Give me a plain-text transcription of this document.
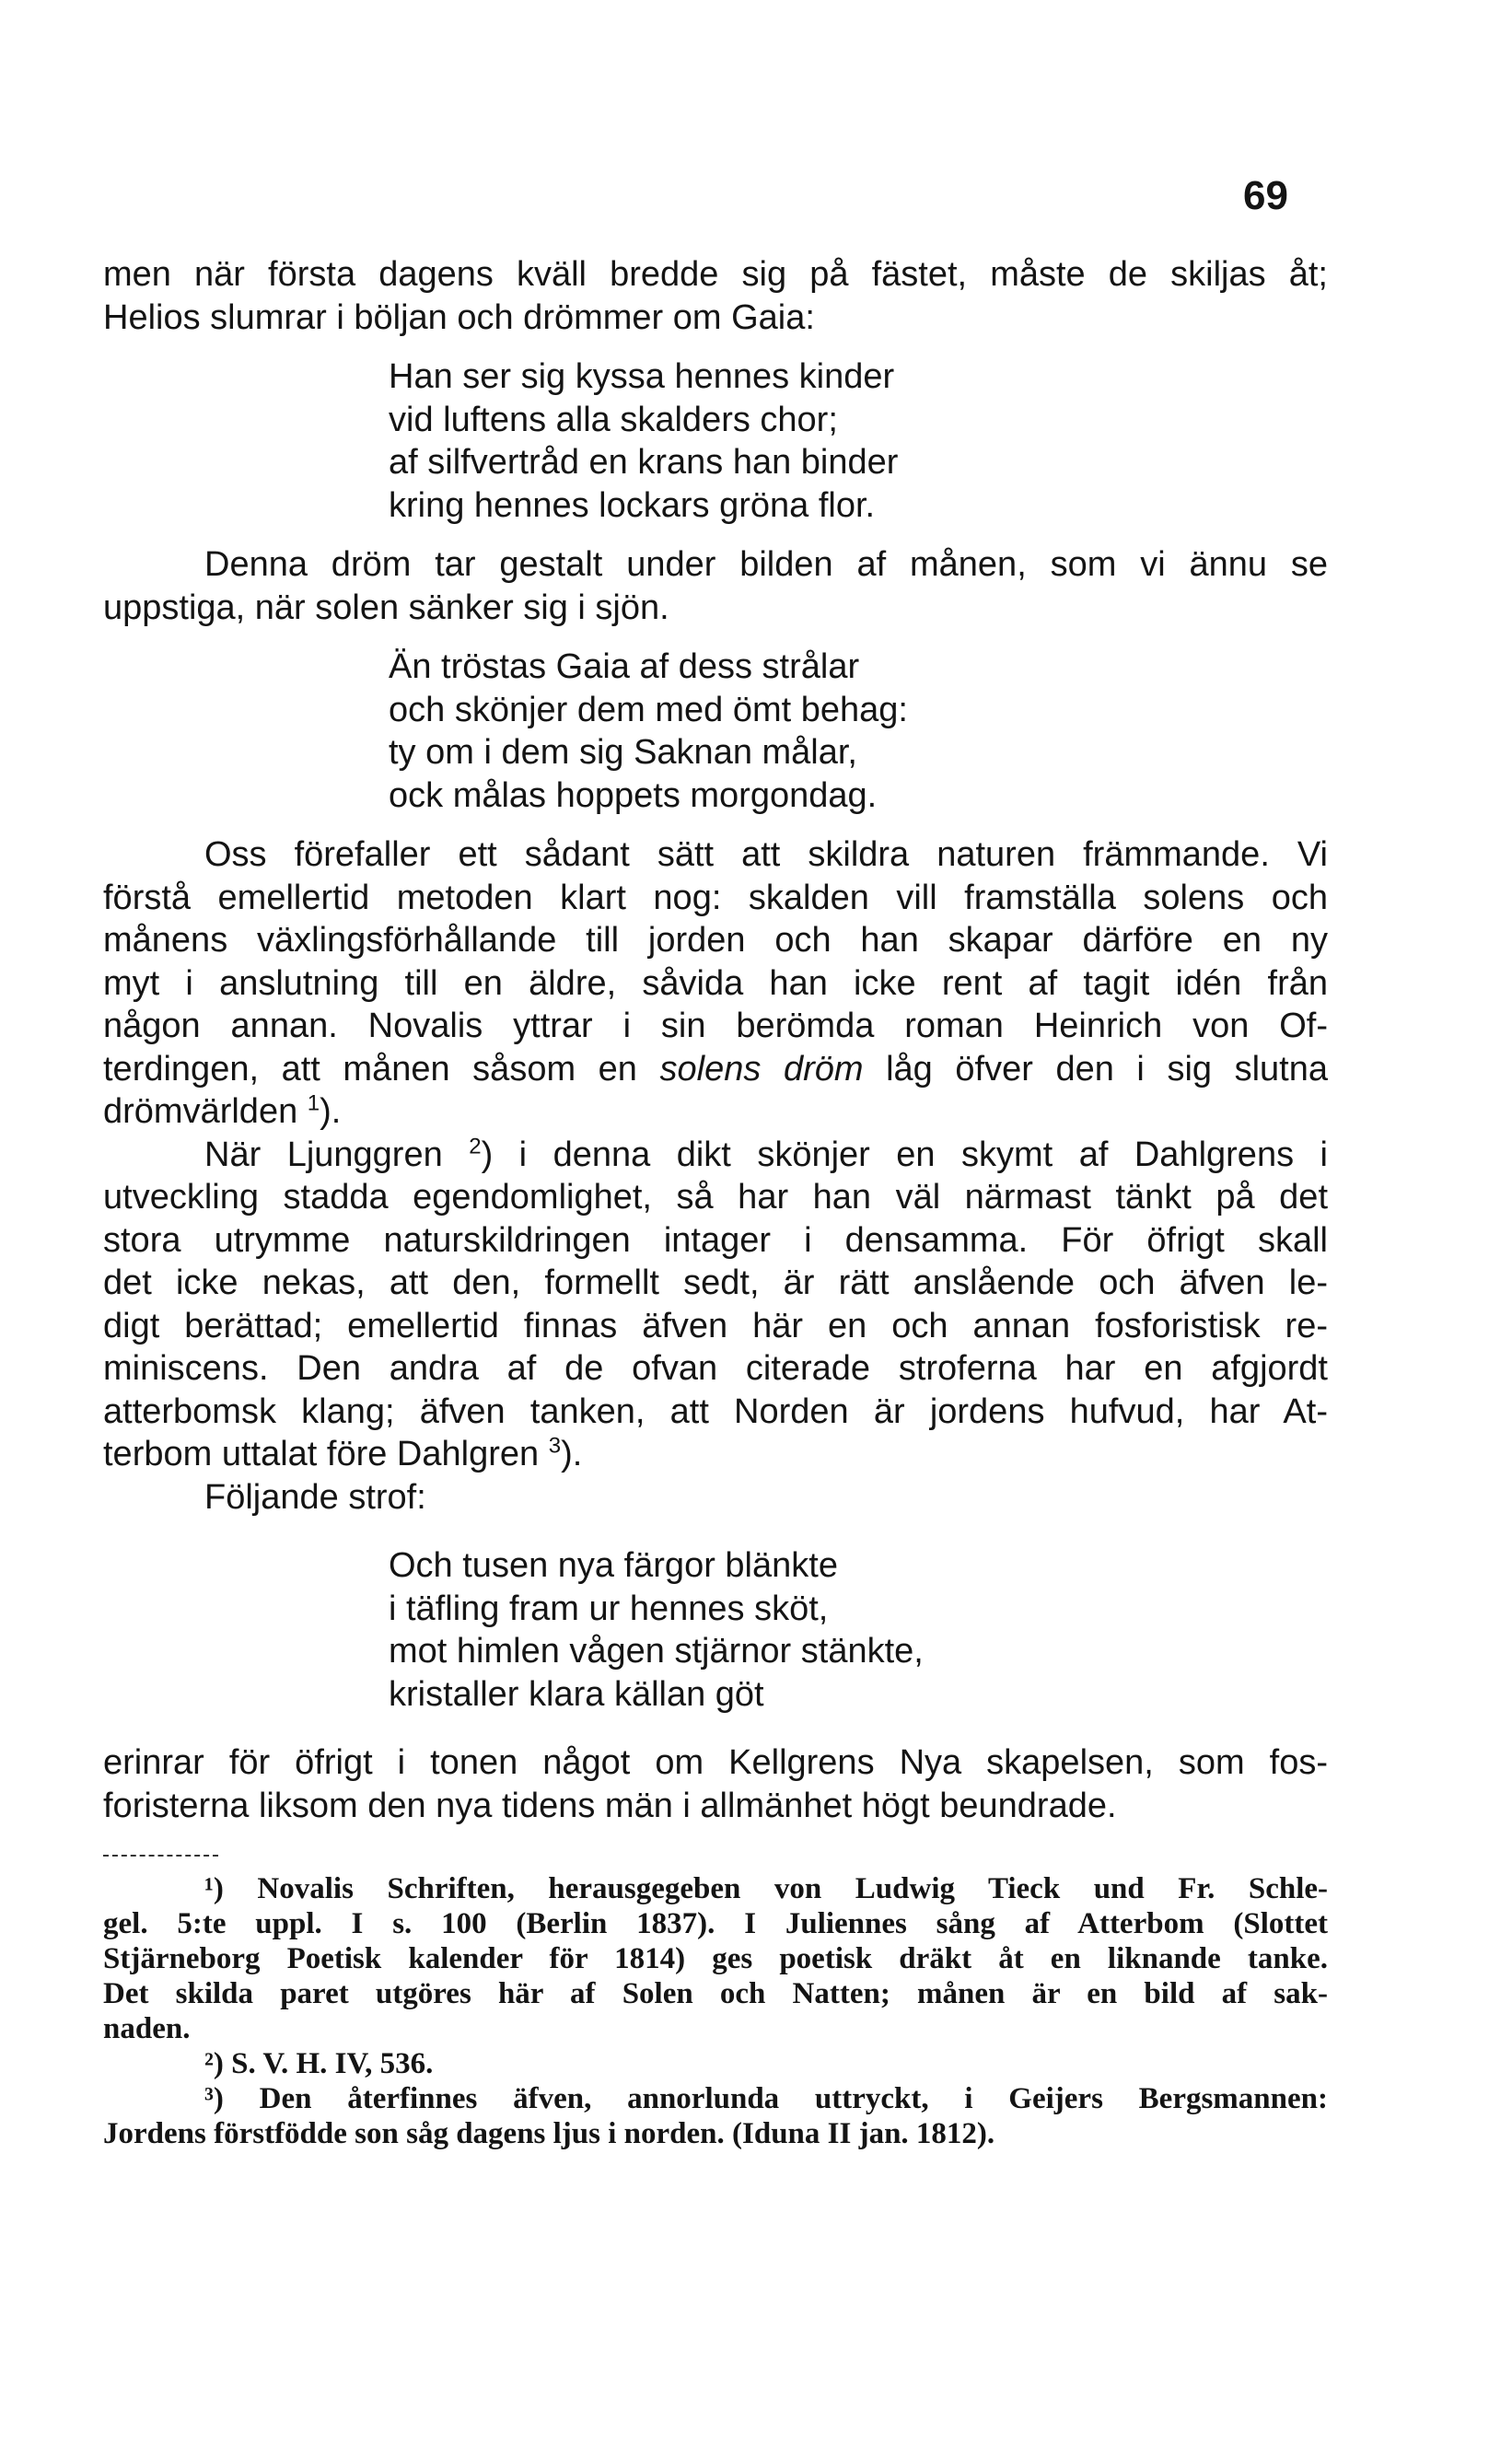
69
men när första dagens kväll bredde sig på fästet, måste de skiljas åt;
Helios slumrar i böljan och drömmer om Gaia:
Han ser sig kyssa hennes kinder
vid luftens alla skalders chor;
af silfvertråd en krans han binder
kring hennes lockars gröna flor.
Denna dröm tar gestalt under bilden af månen, som vi ännu se
uppstiga, när solen sänker sig i sjön.
Än tröstas Gaia af dess strålar
och skönjer dem med ömt behag:
ty om i dem sig Saknan målar,
ock målas hoppets morgondag.
Oss förefaller ett sådant sätt att skildra naturen främmande. Vi
förstå emellertid metoden klart nog: skalden vill framställa solens och
månens växlingsförhållande till jorden och han skapar därföre en ny
myt i anslutning till en äldre, såvida han icke rent af tagit idén från
någon annan. Novalis yttrar i sin berömda roman Heinrich von Of-
terdingen, att månen såsom en solens dröm låg öfver den i sig slutna
drömvärlden $^1$).
När Ljunggren $^2$) i denna dikt skönjer en skymt af Dahlgrens i
utveckling stadda egendomlighet, så har han väl närmast tänkt på det
stora utrymme naturskildringen intager i densamma. För öfrigt skall
det icke nekas, att den, formellt sedt, är rätt anslående och äfven le-
digt berättad; emellertid finnas äfven här en och annan fosforistisk re-
miniscens. Den andra af de ofvan citerade stroferna har en afgjordt
atterbomsk klang; äfven tanken, att Norden är jordens hufvud, har At-
terbom uttalat före Dahlgren $^3$).
Följande strof:
Och tusen nya färgor blänkte
i täfling fram ur hennes sköt,
mot himlen vågen stjärnor stänkte,
kristaller klara källan göt
erinrar för öfrigt i tonen något om Kellgrens Nya skapelsen, som fos-
foristerna liksom den nya tidens män i allmänhet högt beundrade.
¹) Novalis Schriften, herausgegeben von Ludwig Tieck und Fr. Schle-
gel. 5:te uppl. I s. 100 (Berlin 1837). I Juliennes sång af Atterbom (Slottet
Stjärneborg Poetisk kalender för 1814) ges poetisk dräkt åt en liknande tanke.
Det skilda paret utgöres här af Solen och Natten; månen är en bild af sak-
naden.
²) S. V. H. IV, 536.
³) Den återfinnes äfven, annorlunda uttryckt, i Geijers Bergsmannen:
Jordens förstfödde son såg dagens ljus i norden. (Iduna II jan. 1812).
